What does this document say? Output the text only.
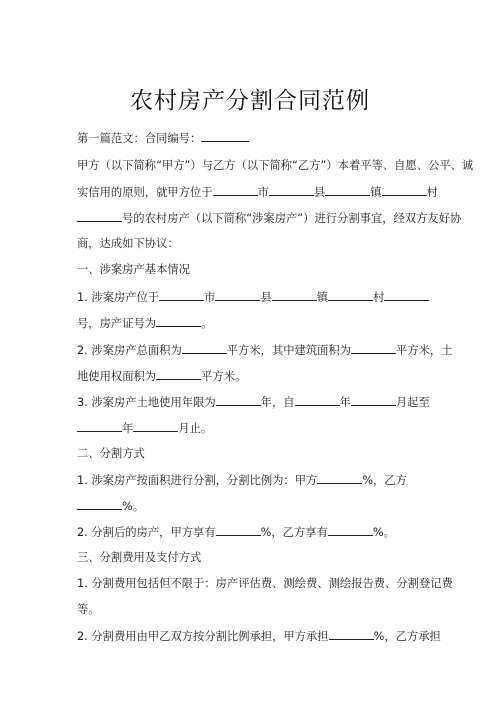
农村房产分割合同范例
第一篇范文：合同编号：
甲方（以下简称“甲方”）与乙方（以下简称“乙方”）本着平等、自愿、公平、诚
实信用的原则，就甲方位于	市	县	镇	村
号的农村房产（以下简称“涉案房产”）进行分割事宜，经双方友好协
商，达成如下协议：
一、涉案房产基本情况
1. 涉案房产位于	市	县	镇	村
号，房产证号为	。
2. 涉案房产总面积为	平方米，其中建筑面积为	平方米，土
地使用权面积为	平方米。
3. 涉案房产土地使用年限为	年，自	年	月起至
年	月止。
二、分割方式
1. 涉案房产按面积进行分割，分割比例为：甲方	%，乙方
%。
2. 分割后的房产，甲方享有	%，乙方享有	%。
三、分割费用及支付方式
1. 分割费用包括但不限于：房产评估费、测绘费、测绘报告费、分割登记费
等。
2. 分割费用由甲乙双方按分割比例承担，甲方承担	%，乙方承担
